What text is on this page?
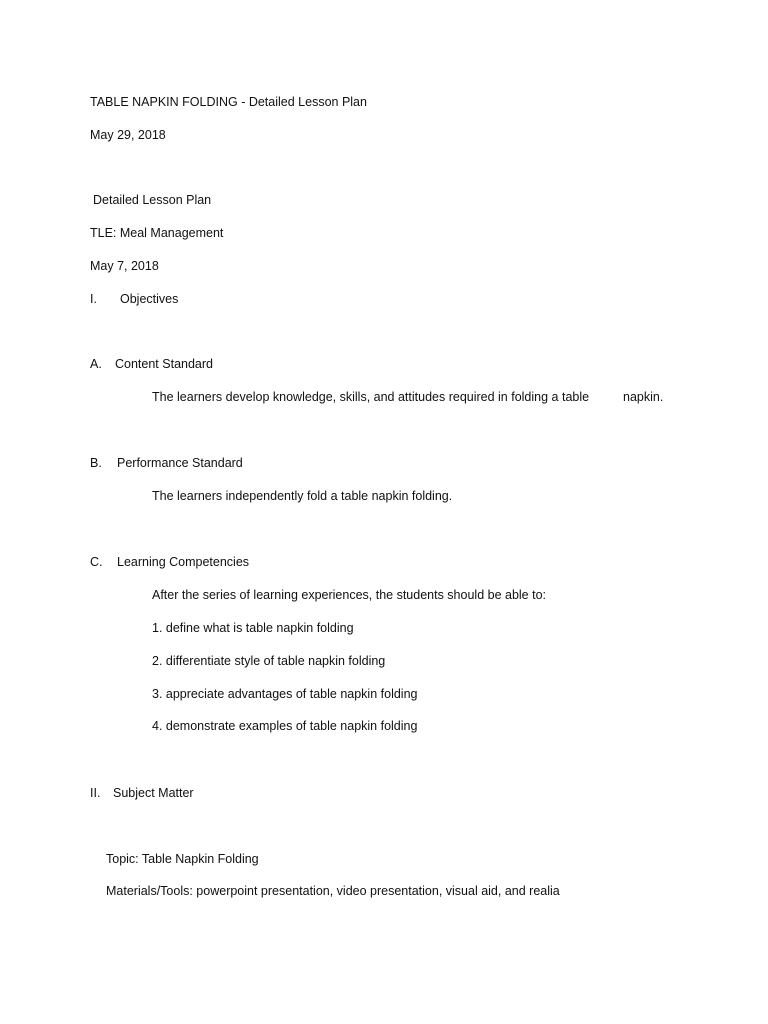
TABLE NAPKIN FOLDING - Detailed Lesson Plan
May 29, 2018
Detailed Lesson Plan
TLE: Meal Management
May 7, 2018
I. Objectives
A. Content Standard
The learners develop knowledge, skills, and attitudes required in folding a table	napkin.
B. Performance Standard
The learners independently fold a table napkin folding.
C. Learning Competencies
After the series of learning experiences, the students should be able to:
1. define what is table napkin folding
2. differentiate style of table napkin folding
3. appreciate advantages of table napkin folding
4. demonstrate examples of table napkin folding
II. Subject Matter
Topic: Table Napkin Folding
Materials/Tools: powerpoint presentation, video presentation, visual aid, and realia
